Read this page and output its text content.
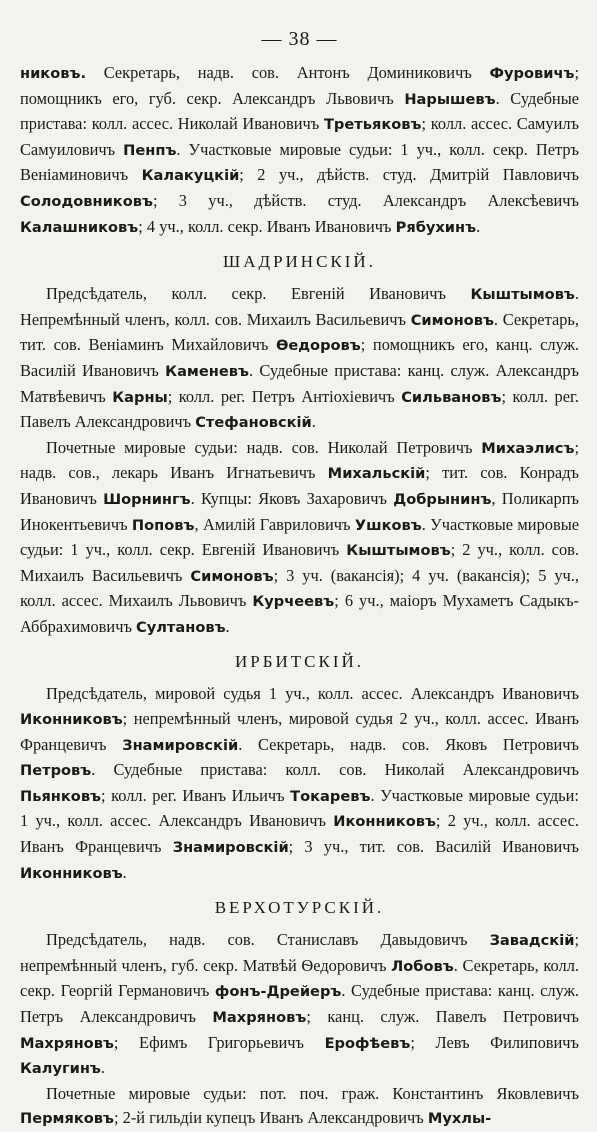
— 38 —

никовъ. Секретарь, надв. сов. Антонъ Доминиковичъ Фуровичъ; помощникъ его, губ. секр. Александръ Львовичъ Нарышевъ. Судебные пристава: колл. ассес. Николай Ивановичъ Третьяковъ; колл. ассес. Самуилъ Самуиловичъ Пенпъ. Участковые мировые судьи: 1 уч., колл. секр. Петръ Веніаминовичъ Калакуцкій; 2 уч., дѣйств. студ. Дмитрій Павловичъ Солодовниковъ; 3 уч., дѣйств. студ. Александръ Алексѣевичъ Калашниковъ; 4 уч., колл. секр. Иванъ Ивановичъ Рябухинъ.

ШАДРИНСКІЙ.

Предсѣдатель, колл. секр. Евгеній Ивановичъ Кыштымовъ. Непремѣнный членъ, колл. сов. Михаилъ Васильевичъ Симоновъ. Секретарь, тит. сов. Веніаминъ Михайловичъ Ѳедоровъ; помощникъ его, канц. служ. Василій Ивановичъ Каменевъ. Судебные пристава: канц. служ. Александръ Матвѣевичъ Карны; колл. рег. Петръ Антіохіевичъ Сильвановъ; колл. рег. Павелъ Александровичъ Стефановскій.

Почетные мировые судьи: надв. сов. Николай Петровичъ Михаэлисъ; надв. сов., лекарь Иванъ Игнатьевичъ Михальскій; тит. сов. Конрадъ Ивановичъ Шорнингъ. Купцы: Яковъ Захаровичъ Добрынинъ, Поликарпъ Инокентьевичъ Поповъ, Амилій Гавриловичъ Ушковъ. Участковые мировые судьи: 1 уч., колл. секр. Евгеній Ивановичъ Кыштымовъ; 2 уч., колл. сов. Михаилъ Васильевичъ Симоновъ; 3 уч. (вакансія); 4 уч. (вакансія); 5 уч., колл. ассес. Михаилъ Львовичъ Курчеевъ; 6 уч., маіоръ Мухаметъ Садыкъ-Аббрахимовичъ Султановъ.

ИРБИТСКІЙ.

Предсѣдатель, мировой судья 1 уч., колл. ассес. Александръ Ивановичъ Иконниковъ; непремѣнный членъ, мировой судья 2 уч., колл. ассес. Иванъ Францевичъ Знамировскій. Секретарь, надв. сов. Яковъ Петровичъ Петровъ. Судебные пристава: колл. сов. Николай Александровичъ Пьянковъ; колл. рег. Иванъ Ильичъ Токаревъ. Участковые мировые судьи: 1 уч., колл. ассес. Александръ Ивановичъ Иконниковъ; 2 уч., колл. ассес. Иванъ Францевичъ Знамировскій; 3 уч., тит. сов. Василій Ивановичъ Иконниковъ.

ВЕРХОТУРСКІЙ.

Предсѣдатель, надв. сов. Станиславъ Давыдовичъ Завадскій; непремѣнный членъ, губ. секр. Матвѣй Ѳедоровичъ Лобовъ. Секретарь, колл. секр. Георгій Германовичъ фонъ-Дрейеръ. Судебные пристава: канц. служ. Петръ Александровичъ Махряновъ; канц. служ. Павелъ Петровичъ Махряновъ; Ефимъ Григорьевичъ Ерофѣевъ; Левъ Филиповичъ Калугинъ.

Почетные мировые судьи: пот. поч. граж. Константинъ Яковлевичъ Пермяковъ; 2-й гильдіи купецъ Иванъ Александровичъ Мухлы-
